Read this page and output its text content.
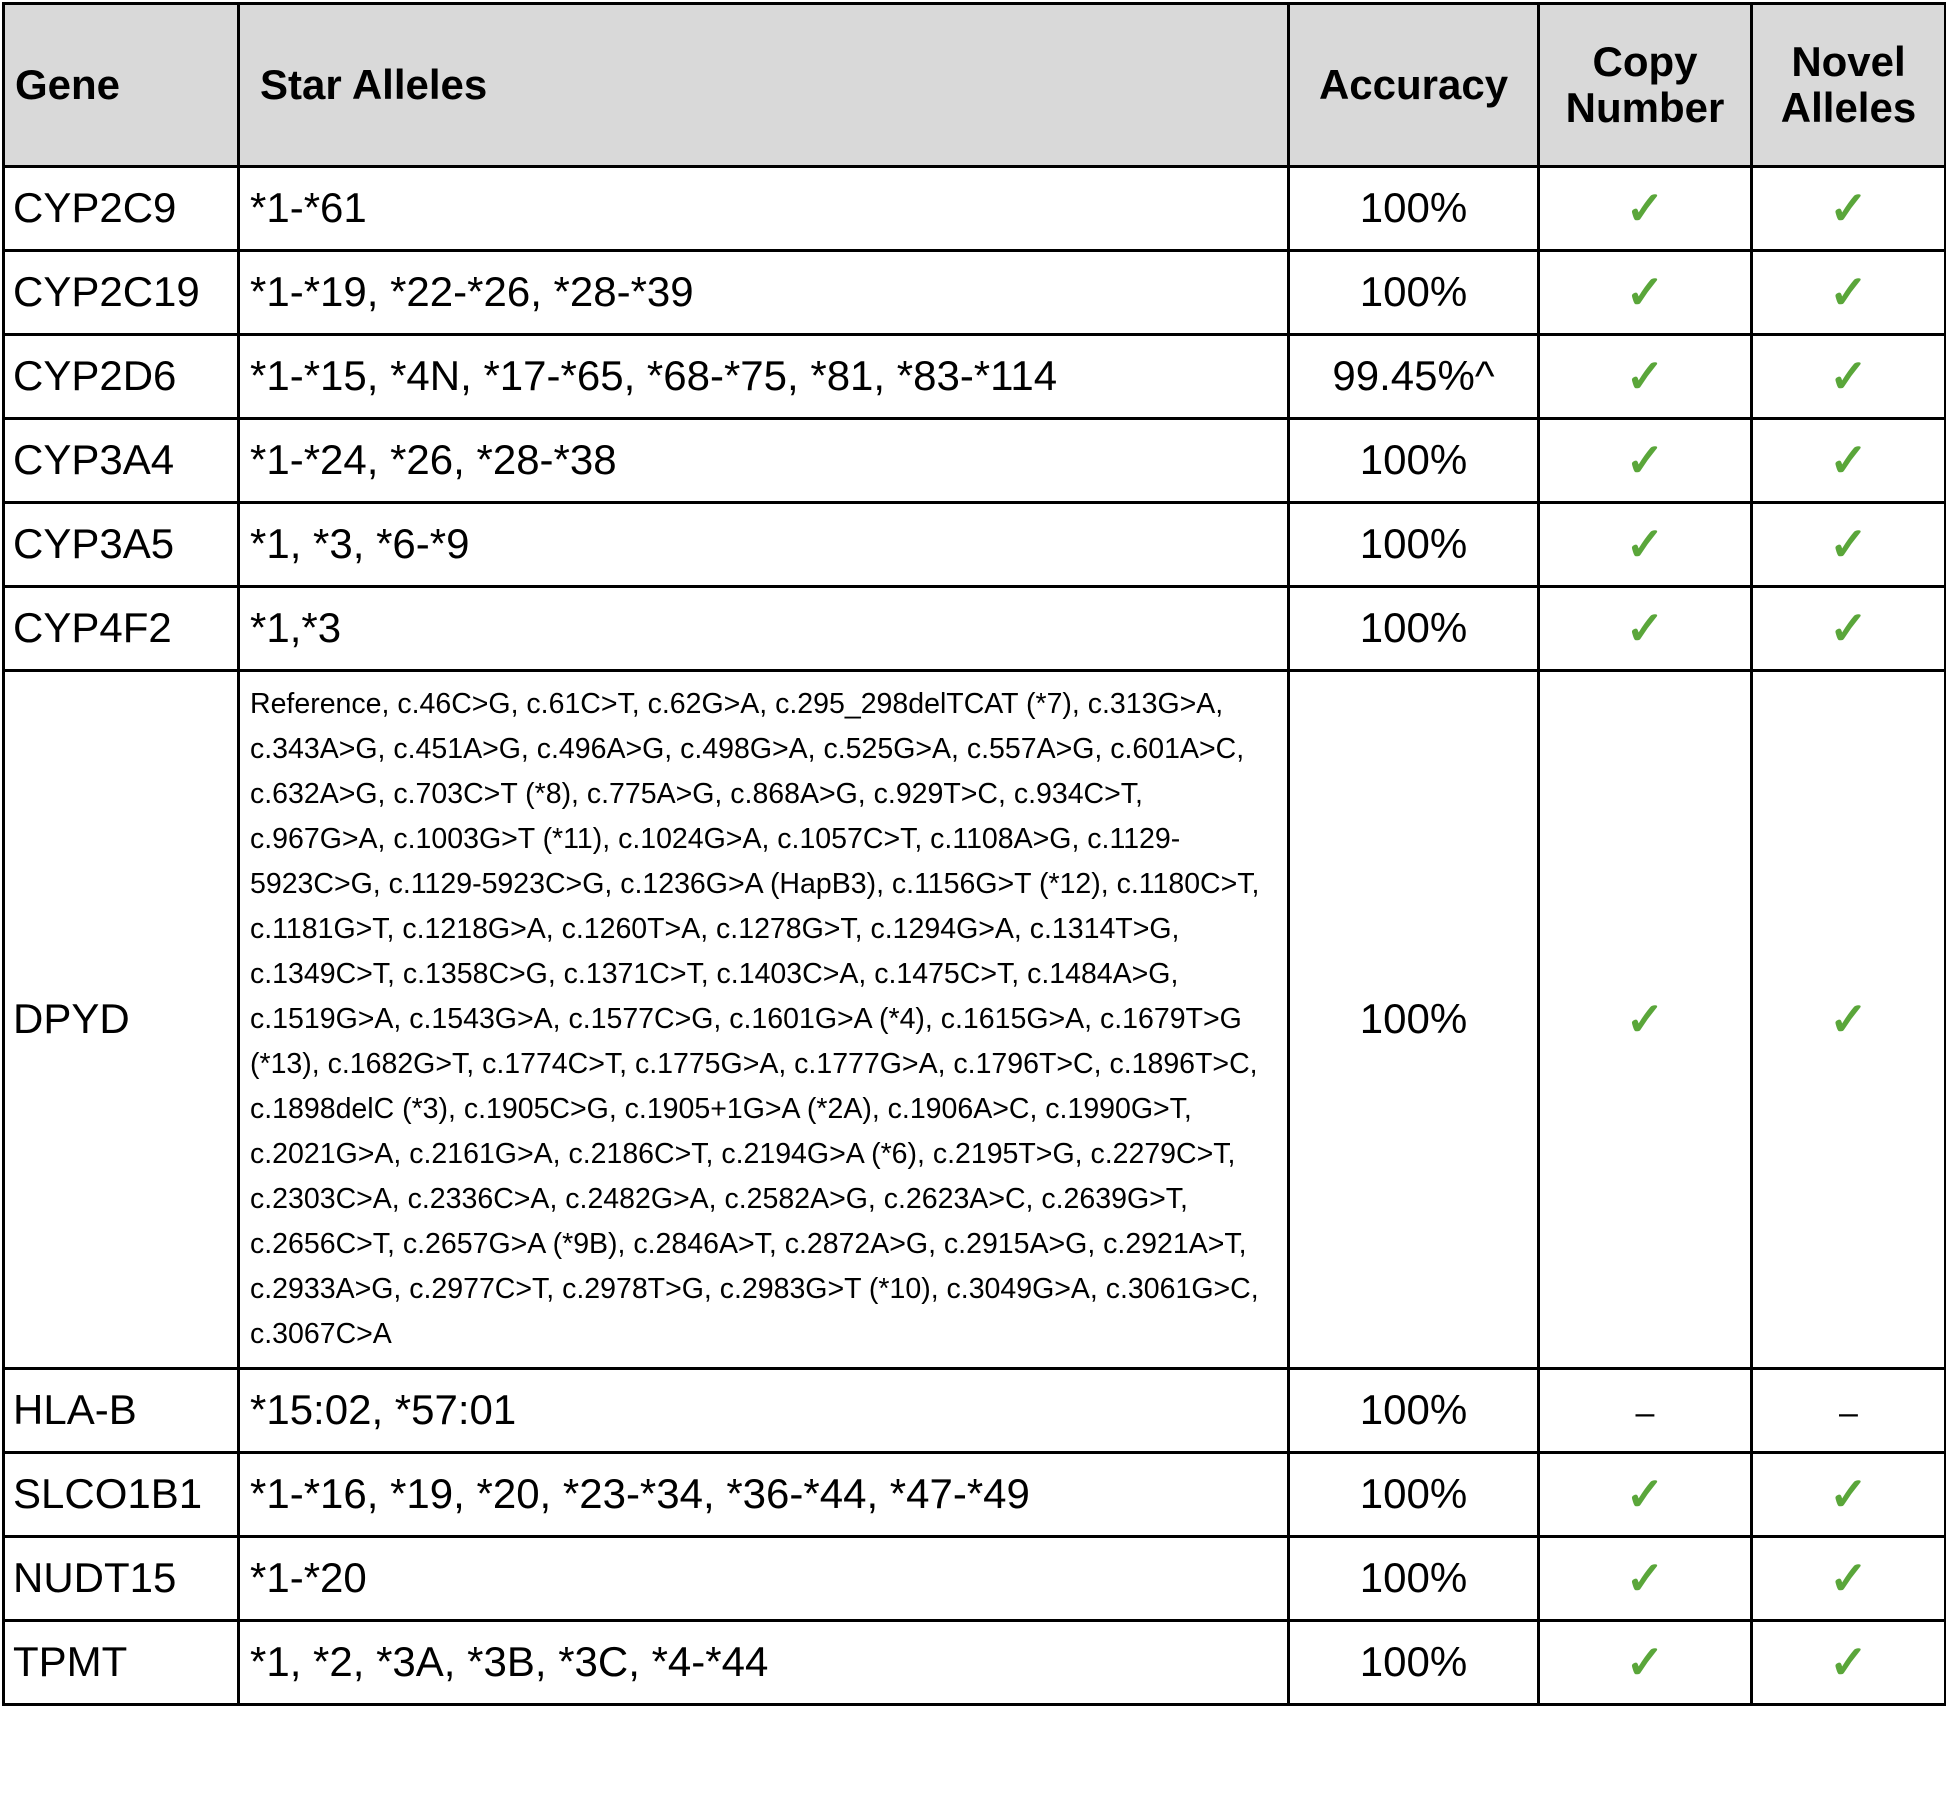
Gene	Star Alleles	Accuracy	Copy Number	Novel Alleles
CYP2C9	*1-*61	100%	✓	✓
CYP2C19	*1-*19, *22-*26, *28-*39	100%	✓	✓
CYP2D6	*1-*15, *4N, *17-*65, *68-*75, *81, *83-*114	99.45%^	✓	✓
CYP3A4	*1-*24, *26, *28-*38	100%	✓	✓
CYP3A5	*1, *3, *6-*9	100%	✓	✓
CYP4F2	*1,*3	100%	✓	✓
DPYD	Reference, c.46C>G, c.61C>T, c.62G>A, c.295_298delTCAT (*7), c.313G>A, c.343A>G, c.451A>G, c.496A>G, c.498G>A, c.525G>A, c.557A>G, c.601A>C, c.632A>G, c.703C>T (*8), c.775A>G, c.868A>G, c.929T>C, c.934C>T, c.967G>A, c.1003G>T (*11), c.1024G>A, c.1057C>T, c.1108A>G, c.1129-5923C>G, c.1129-5923C>G, c.1236G>A (HapB3), c.1156G>T (*12), c.1180C>T, c.1181G>T, c.1218G>A, c.1260T>A, c.1278G>T, c.1294G>A, c.1314T>G, c.1349C>T, c.1358C>G, c.1371C>T, c.1403C>A, c.1475C>T, c.1484A>G, c.1519G>A, c.1543G>A, c.1577C>G, c.1601G>A (*4), c.1615G>A, c.1679T>G (*13), c.1682G>T, c.1774C>T, c.1775G>A, c.1777G>A, c.1796T>C, c.1896T>C, c.1898delC (*3), c.1905C>G, c.1905+1G>A (*2A), c.1906A>C, c.1990G>T, c.2021G>A, c.2161G>A, c.2186C>T, c.2194G>A (*6), c.2195T>G, c.2279C>T, c.2303C>A, c.2336C>A, c.2482G>A, c.2582A>G, c.2623A>C, c.2639G>T, c.2656C>T, c.2657G>A (*9B), c.2846A>T, c.2872A>G, c.2915A>G, c.2921A>T, c.2933A>G, c.2977C>T, c.2978T>G, c.2983G>T (*10), c.3049G>A, c.3061G>C, c.3067C>A	100%	✓	✓
HLA-B	*15:02, *57:01	100%	–	–
SLCO1B1	*1-*16, *19, *20, *23-*34, *36-*44, *47-*49	100%	✓	✓
NUDT15	*1-*20	100%	✓	✓
TPMT	*1, *2, *3A, *3B, *3C, *4-*44	100%	✓	✓
